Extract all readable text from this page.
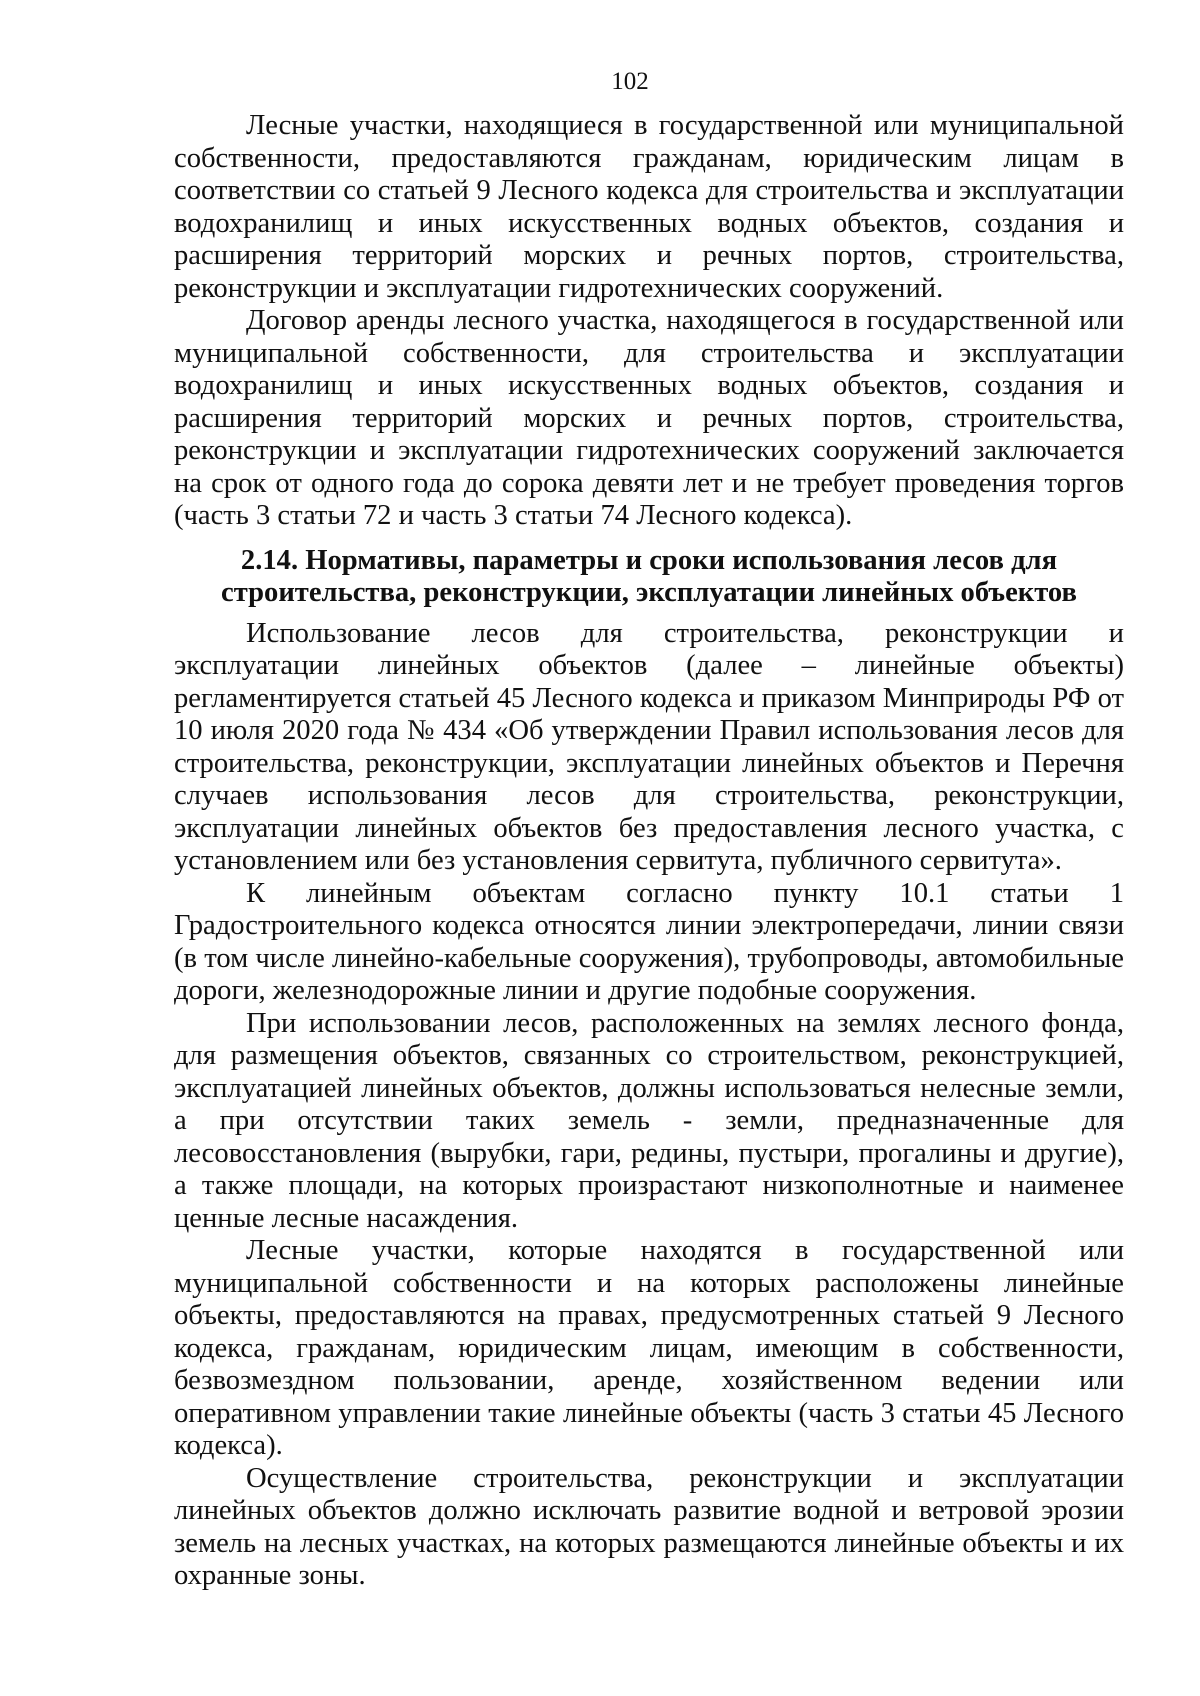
102

Лесные участки, находящиеся в государственной или муниципальной собственности, предоставляются гражданам, юридическим лицам в соответствии со статьей 9 Лесного кодекса для строительства и эксплуатации водохранилищ и иных искусственных водных объектов, создания и расширения территорий морских и речных портов, строительства, реконструкции и эксплуатации гидротехнических сооружений.

Договор аренды лесного участка, находящегося в государственной или муниципальной собственности, для строительства и эксплуатации водохранилищ и иных искусственных водных объектов, создания и расширения территорий морских и речных портов, строительства, реконструкции и эксплуатации гидротехнических сооружений заключается на срок от одного года до сорока девяти лет и не требует проведения торгов (часть 3 статьи 72 и часть 3 статьи 74 Лесного кодекса).

2.14. Нормативы, параметры и сроки использования лесов для строительства, реконструкции, эксплуатации линейных объектов

Использование лесов для строительства, реконструкции и эксплуатации линейных объектов (далее – линейные объекты) регламентируется статьей 45 Лесного кодекса и приказом Минприроды РФ от 10 июля 2020 года № 434 «Об утверждении Правил использования лесов для строительства, реконструкции, эксплуатации линейных объектов и Перечня случаев использования лесов для строительства, реконструкции, эксплуатации линейных объектов без предоставления лесного участка, с установлением или без установления сервитута, публичного сервитута».

К линейным объектам согласно пункту 10.1 статьи 1 Градостроительного кодекса относятся линии электропередачи, линии связи (в том числе линейно-кабельные сооружения), трубопроводы, автомобильные дороги, железнодорожные линии и другие подобные сооружения.

При использовании лесов, расположенных на землях лесного фонда, для размещения объектов, связанных со строительством, реконструкцией, эксплуатацией линейных объектов, должны использоваться нелесные земли, а при отсутствии таких земель - земли, предназначенные для лесовосстановления (вырубки, гари, редины, пустыри, прогалины и другие), а также площади, на которых произрастают низкополнотные и наименее ценные лесные насаждения.

Лесные участки, которые находятся в государственной или муниципальной собственности и на которых расположены линейные объекты, предоставляются на правах, предусмотренных статьей 9 Лесного кодекса, гражданам, юридическим лицам, имеющим в собственности, безвозмездном пользовании, аренде, хозяйственном ведении или оперативном управлении такие линейные объекты (часть 3 статьи 45 Лесного кодекса).

Осуществление строительства, реконструкции и эксплуатации линейных объектов должно исключать развитие водной и ветровой эрозии земель на лесных участках, на которых размещаются линейные объекты и их охранные зоны.
